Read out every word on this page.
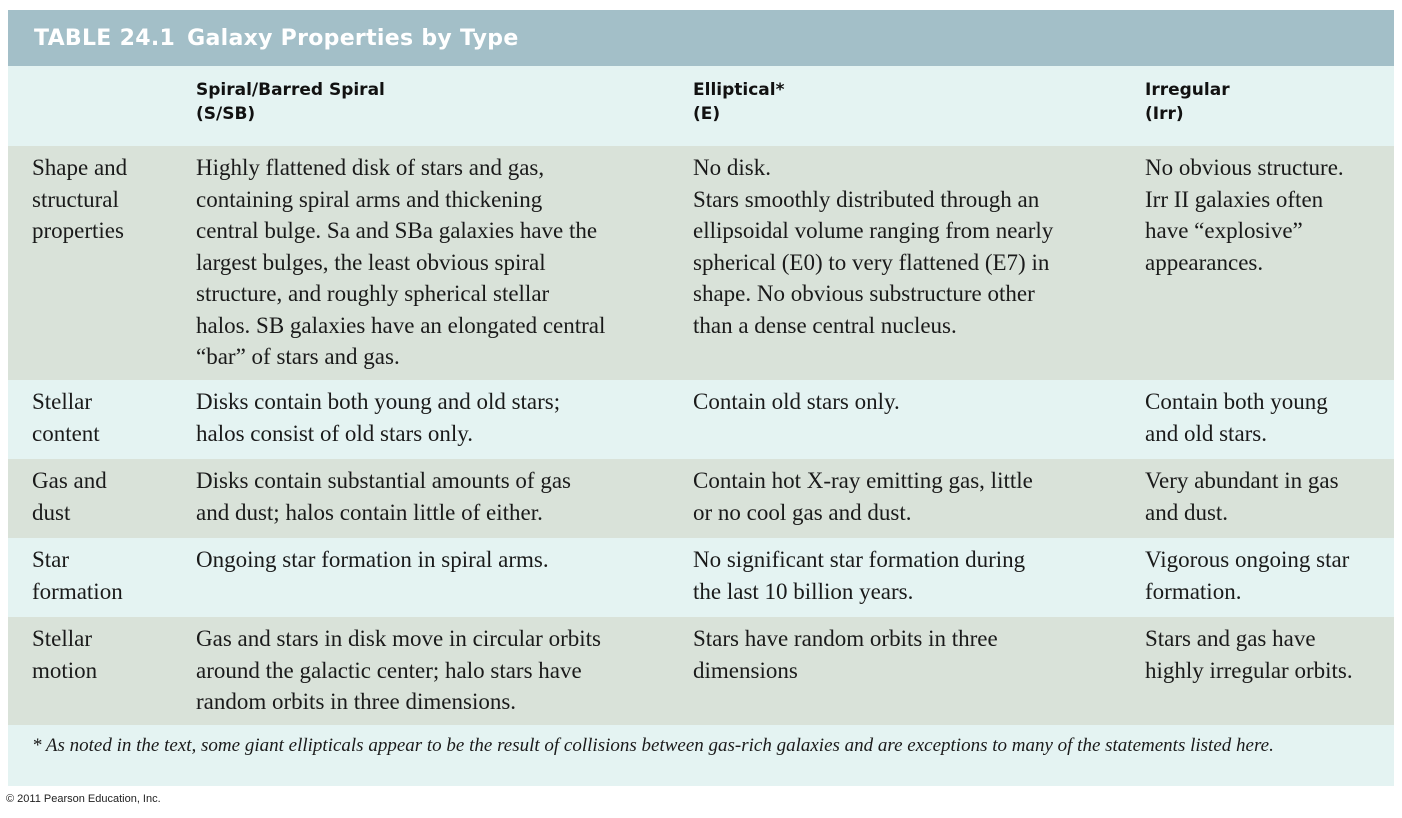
TABLE 24.1 Galaxy Properties by Type
Spiral/Barred Spiral
(S/SB)
Elliptical*
(E)
Irregular
(Irr)
Shape and
structural
properties
Highly flattened disk of stars and gas,
containing spiral arms and thickening
central bulge. Sa and SBa galaxies have the
largest bulges, the least obvious spiral
structure, and roughly spherical stellar
halos. SB galaxies have an elongated central
“bar” of stars and gas.
No disk.
Stars smoothly distributed through an
ellipsoidal volume ranging from nearly
spherical (E0) to very flattened (E7) in
shape. No obvious substructure other
than a dense central nucleus.
No obvious structure.
Irr II galaxies often
have “explosive”
appearances.
Stellar
content
Disks contain both young and old stars;
halos consist of old stars only.
Contain old stars only.	Contain both young
and old stars.
Gas and
dust
Disks contain substantial amounts of gas
and dust; halos contain little of either.
Contain hot X-ray emitting gas, little
or no cool gas and dust.
Very abundant in gas
and dust.
Star
formation
Ongoing star formation in spiral arms.	No significant star formation during
the last 10 billion years.
Vigorous ongoing star
formation.
Stellar
motion
Gas and stars in disk move in circular orbits
around the galactic center; halo stars have
random orbits in three dimensions.
Stars have random orbits in three
dimensions
Stars and gas have
highly irregular orbits.
* As noted in the text, some giant ellipticals appear to be the result of collisions between gas-rich galaxies and are exceptions to many of the statements listed here.
© 2011 Pearson Education, Inc.
